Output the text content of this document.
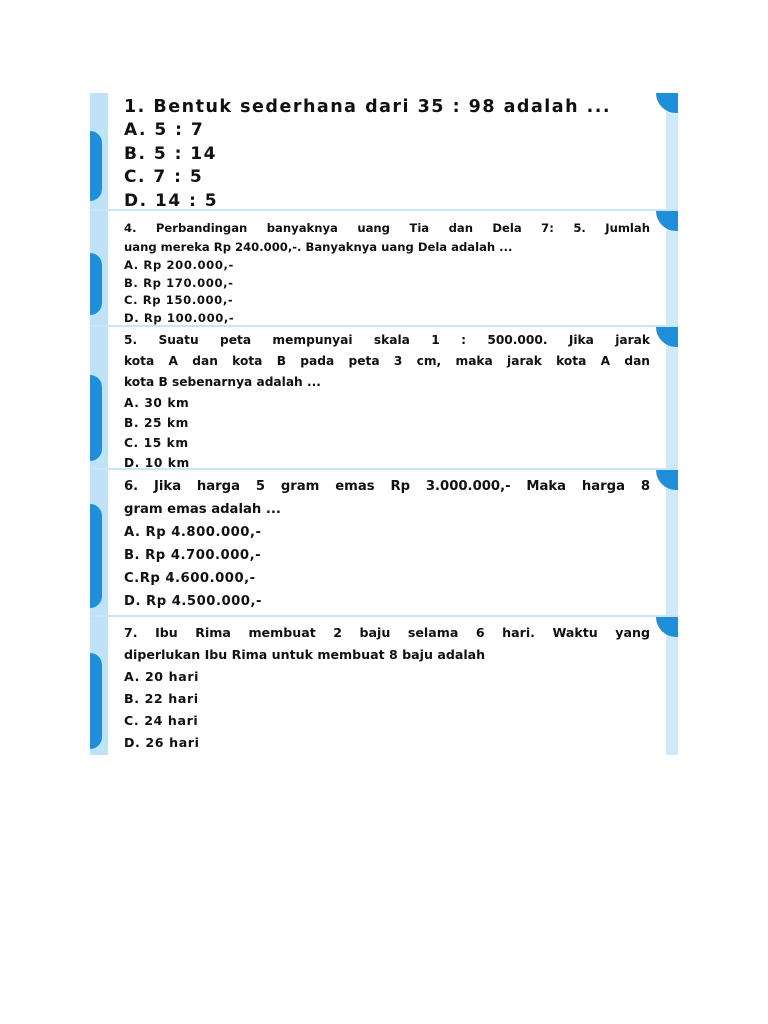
1. Bentuk sederhana dari 35 : 98 adalah ...
A. 5 : 7
B. 5 : 14
C. 7 : 5
D. 14 : 5
4. Perbandingan banyaknya uang Tia dan Dela 7: 5. Jumlah
uang mereka Rp 240.000,-. Banyaknya uang Dela adalah ...
A. Rp 200.000,-
B. Rp 170.000,-
C. Rp 150.000,-
D. Rp 100.000,-
5. Suatu peta mempunyai skala 1 : 500.000. Jika jarak
kota A dan kota B pada peta 3 cm, maka jarak kota A dan
kota B sebenarnya adalah ...
A. 30 km
B. 25 km
C. 15 km
D. 10 km
6. Jika harga 5 gram emas Rp 3.000.000,- Maka harga 8
gram emas adalah ...
A. Rp 4.800.000,-
B. Rp 4.700.000,-
C.Rp 4.600.000,-
D. Rp 4.500.000,-
7. Ibu Rima membuat 2 baju selama 6 hari. Waktu yang
diperlukan Ibu Rima untuk membuat 8 baju adalah
A. 20 hari
B. 22 hari
C. 24 hari
D. 26 hari
